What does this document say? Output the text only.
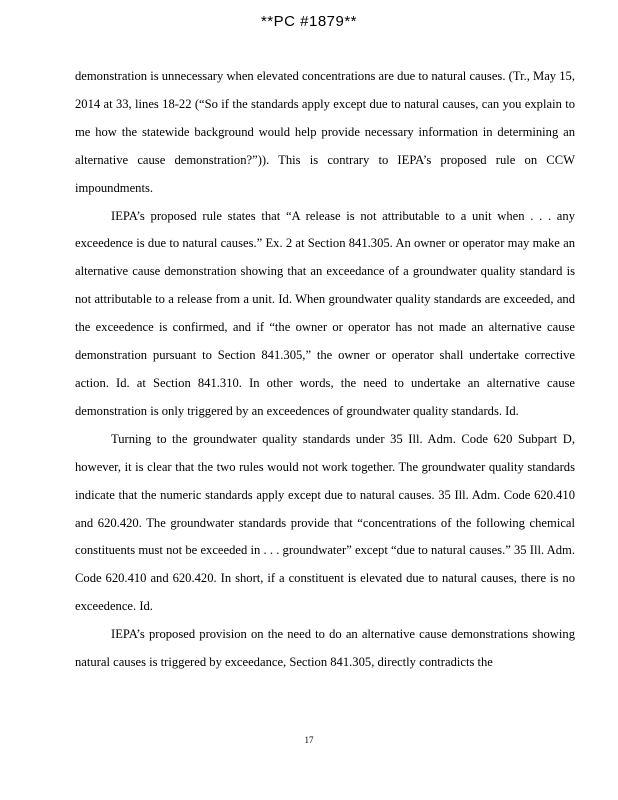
**PC #1879**

demonstration is unnecessary when elevated concentrations are due to natural causes. (Tr., May 15, 2014 at 33, lines 18-22 (“So if the standards apply except due to natural causes, can you explain to me how the statewide background would help provide necessary information in determining an alternative cause demonstration?”)). This is contrary to IEPA’s proposed rule on CCW impoundments.

IEPA’s proposed rule states that “A release is not attributable to a unit when . . . any exceedence is due to natural causes.” Ex. 2 at Section 841.305. An owner or operator may make an alternative cause demonstration showing that an exceedance of a groundwater quality standard is not attributable to a release from a unit. Id. When groundwater quality standards are exceeded, and the exceedence is confirmed, and if “the owner or operator has not made an alternative cause demonstration pursuant to Section 841.305,” the owner or operator shall undertake corrective action. Id. at Section 841.310. In other words, the need to undertake an alternative cause demonstration is only triggered by an exceedences of groundwater quality standards. Id.

Turning to the groundwater quality standards under 35 Ill. Adm. Code 620 Subpart D, however, it is clear that the two rules would not work together. The groundwater quality standards indicate that the numeric standards apply except due to natural causes. 35 Ill. Adm. Code 620.410 and 620.420. The groundwater standards provide that “concentrations of the following chemical constituents must not be exceeded in . . . groundwater” except “due to natural causes.” 35 Ill. Adm. Code 620.410 and 620.420. In short, if a constituent is elevated due to natural causes, there is no exceedence. Id.

IEPA’s proposed provision on the need to do an alternative cause demonstrations showing natural causes is triggered by exceedance, Section 841.305, directly contradicts the

17
